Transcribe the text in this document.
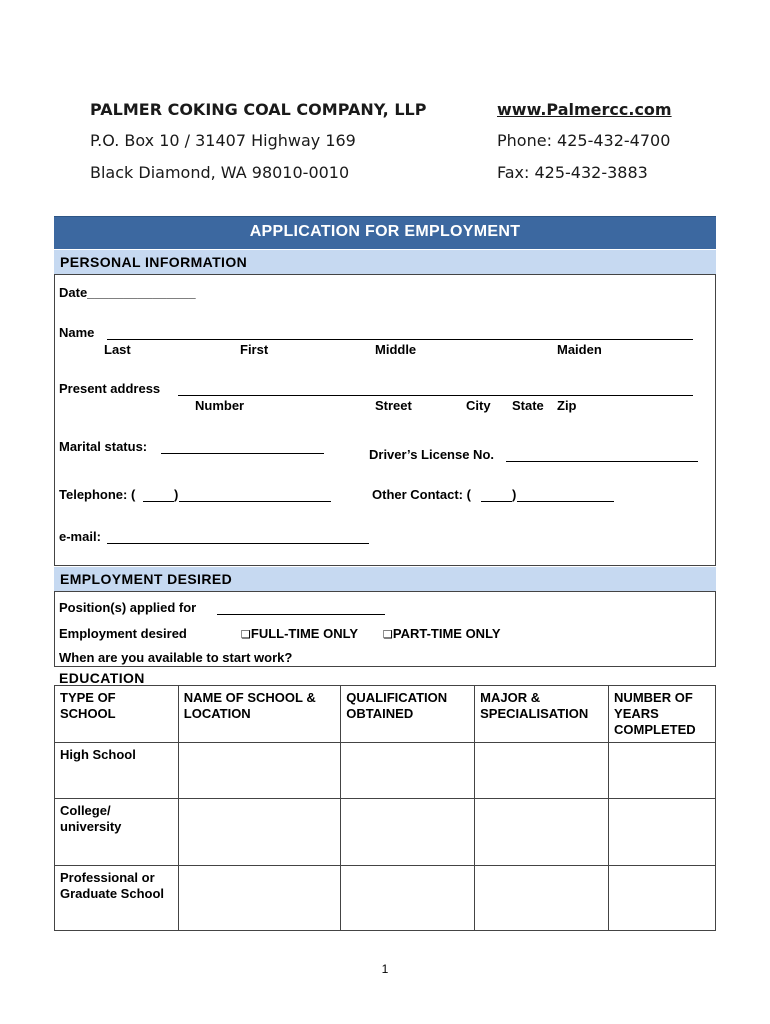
PALMER COKING COAL COMPANY, LLP
P.O. Box 10 / 31407 Highway 169
Black Diamond, WA 98010-0010
www.Palmercc.com
Phone: 425-432-4700
Fax: 425-432-3883
APPLICATION FOR EMPLOYMENT
PERSONAL INFORMATION
Date_______________
Name
Last	First	Middle	Maiden
Present address
Number	Street	City State Zip
Marital status:
Driver’s License No.
Telephone: (	)	Other Contact: (	)
e-mail:
EMPLOYMENT DESIRED
Position(s) applied for
Employment desired	❑FULL-TIME ONLY ❑PART-TIME ONLY
When are you available to start work?
EDUCATION
TYPE OF SCHOOL	NAME OF SCHOOL & LOCATION	QUALIFICATION OBTAINED	MAJOR & SPECIALISATION	NUMBER OF YEARS COMPLETED
High School				
College/ university				
Professional or Graduate School				
1
